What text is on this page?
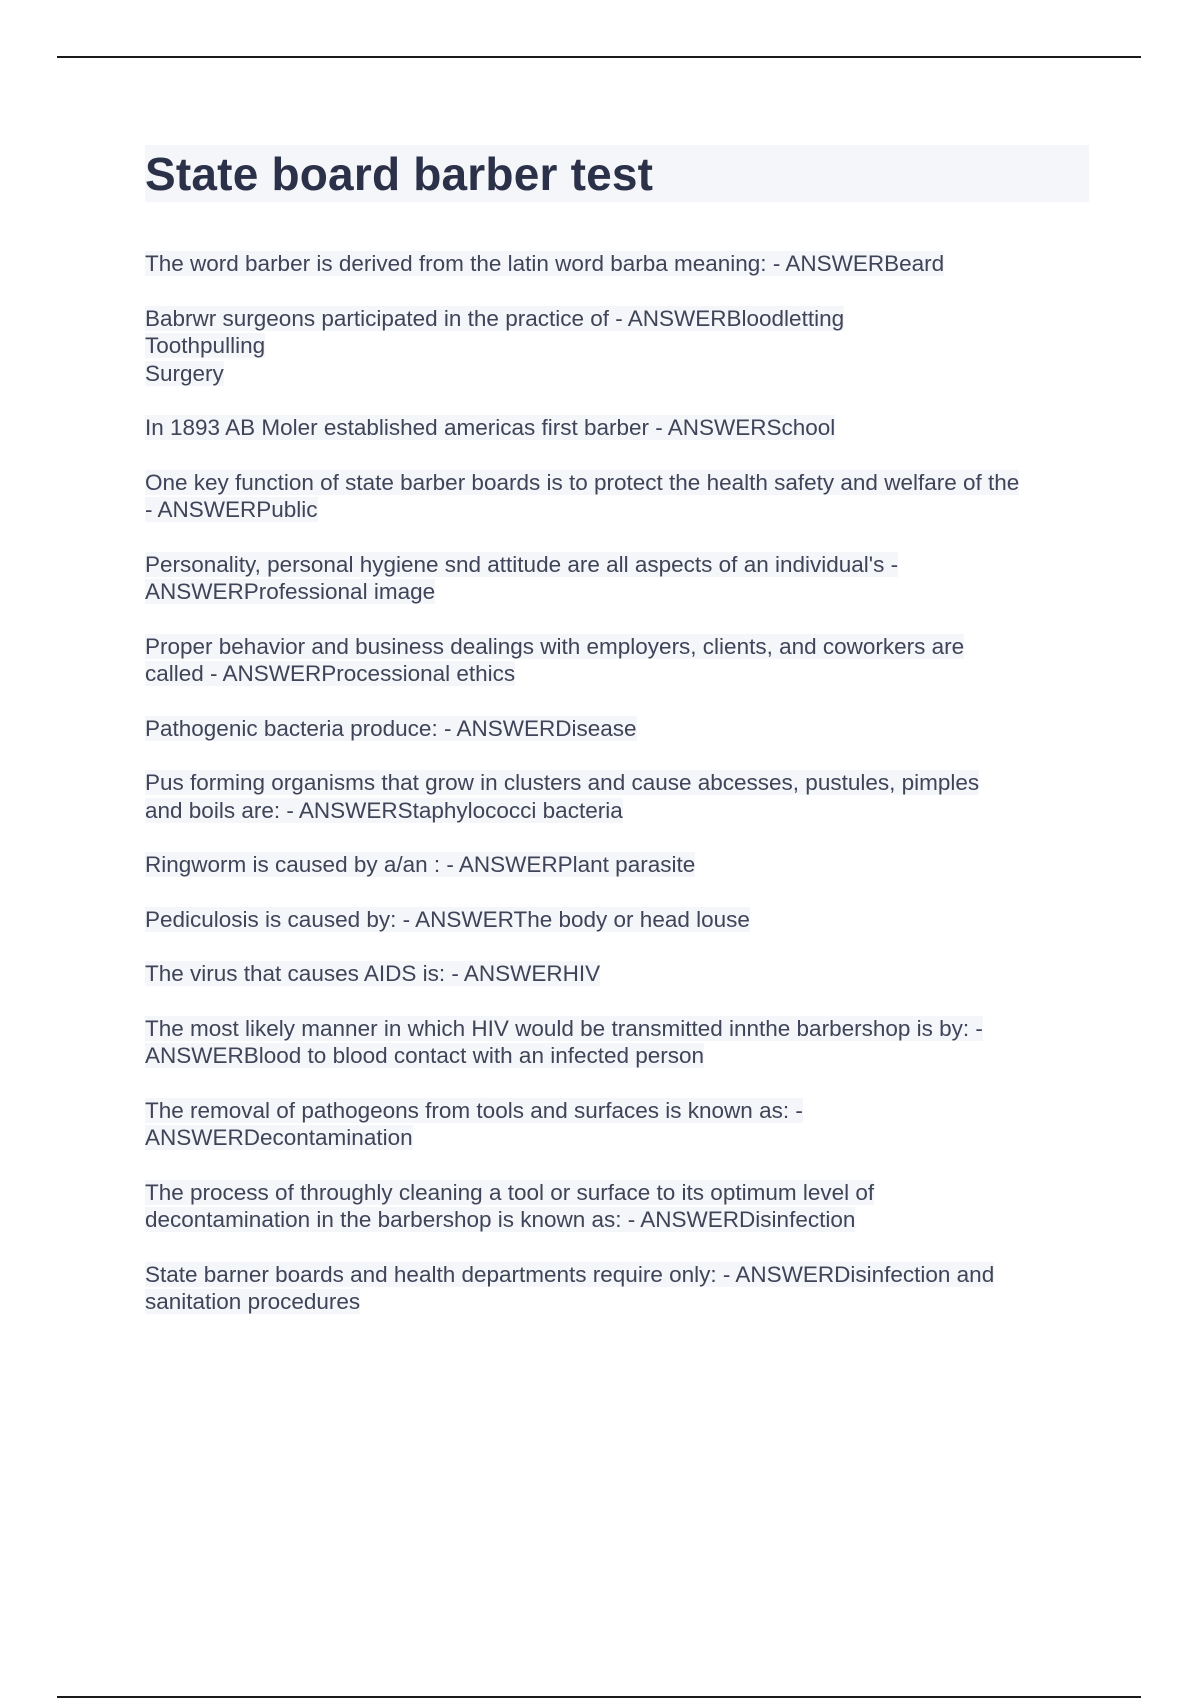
State board barber test
The word barber is derived from the latin word barba meaning: - ANSWERBeard
Babrwr surgeons participated in the practice of - ANSWERBloodletting
Toothpulling
Surgery
In 1893 AB Moler established americas first barber - ANSWERSchool
One key function of state barber boards is to protect the health safety and welfare of the
- ANSWERPublic
Personality, personal hygiene snd attitude are all aspects of an individual's -
ANSWERProfessional image
Proper behavior and business dealings with employers, clients, and coworkers are
called - ANSWERProcessional ethics
Pathogenic bacteria produce: - ANSWERDisease
Pus forming organisms that grow in clusters and cause abcesses, pustules, pimples
and boils are: - ANSWERStaphylococci bacteria
Ringworm is caused by a/an : - ANSWERPlant parasite
Pediculosis is caused by: - ANSWERThe body or head louse
The virus that causes AIDS is: - ANSWERHIV
The most likely manner in which HIV would be transmitted innthe barbershop is by: -
ANSWERBlood to blood contact with an infected person
The removal of pathogeons from tools and surfaces is known as: -
ANSWERDecontamination
The process of throughly cleaning a tool or surface to its optimum level of
decontamination in the barbershop is known as: - ANSWERDisinfection
State barner boards and health departments require only: - ANSWERDisinfection and
sanitation procedures
